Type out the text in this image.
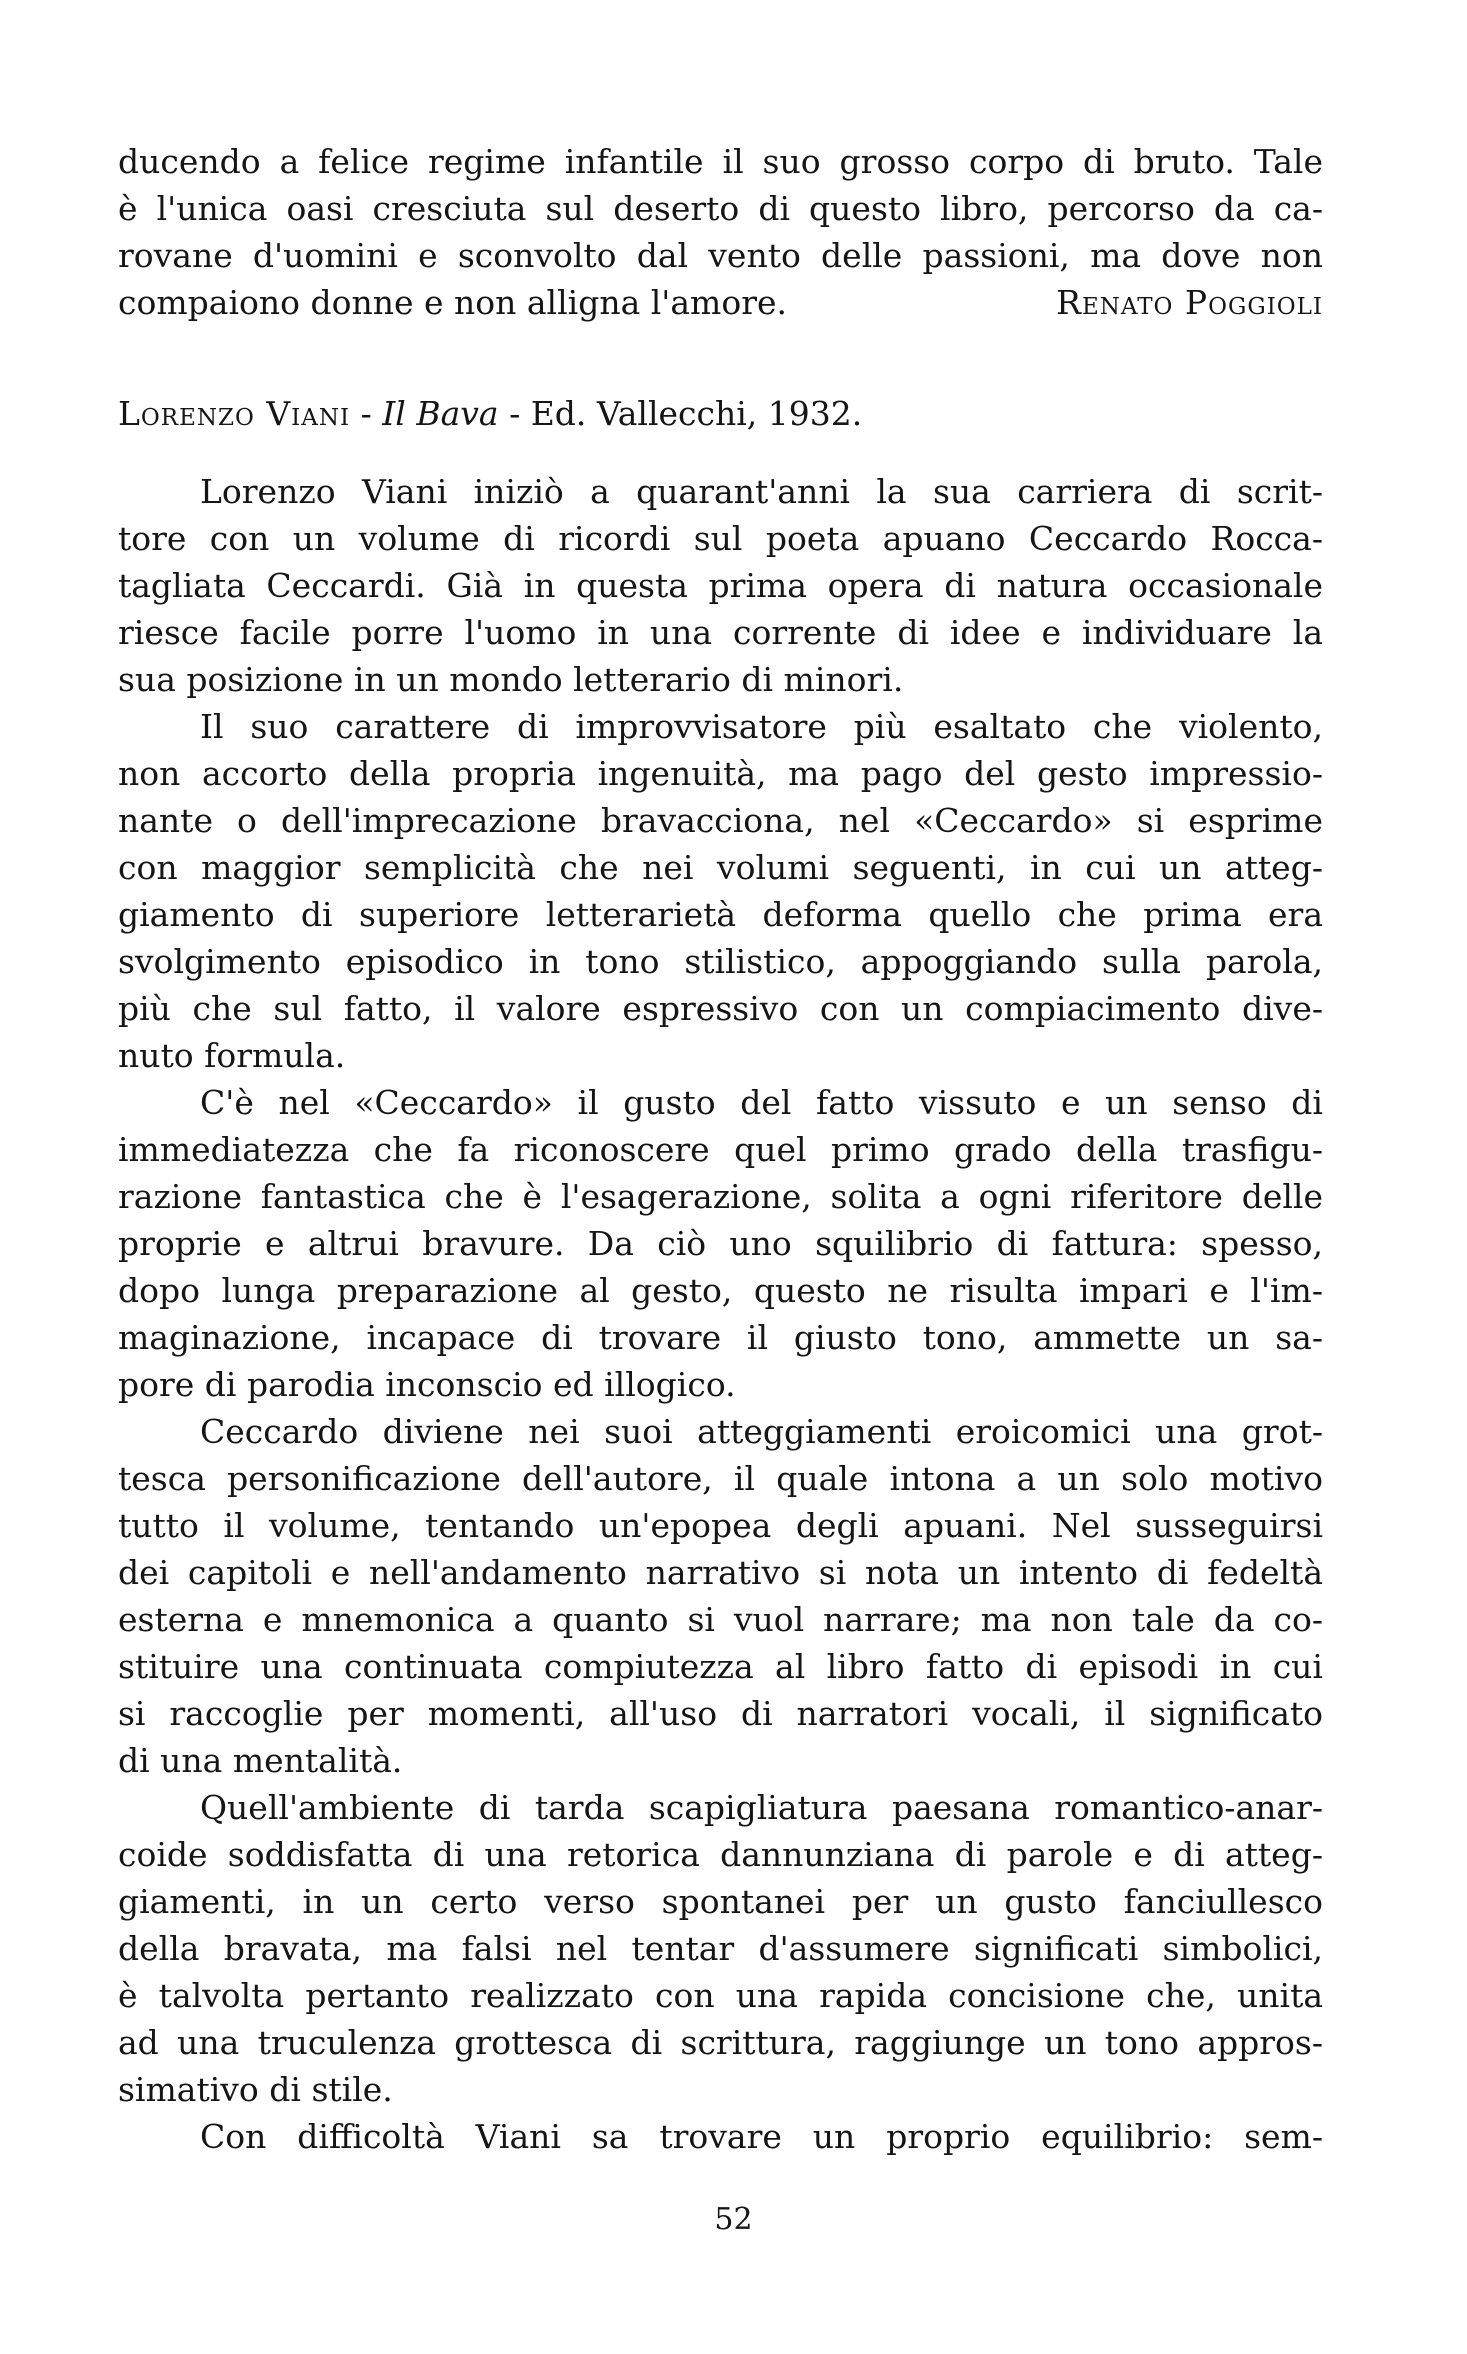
ducendo a felice regime infantile il suo grosso corpo di bruto. Tale
è l'unica oasi cresciuta sul deserto di questo libro, percorso da ca-
rovane d'uomini e sconvolto dal vento delle passioni, ma dove non
compaiono donne e non alligna l'amore.	Renato Poggioli
Lorenzo Viani - Il Bava - Ed. Vallecchi, 1932.
Lorenzo Viani iniziò a quarant'anni la sua carriera di scrit-
tore con un volume di ricordi sul poeta apuano Ceccardo Rocca-
tagliata Ceccardi. Già in questa prima opera di natura occasionale
riesce facile porre l'uomo in una corrente di idee e individuare la
sua posizione in un mondo letterario di minori.
Il suo carattere di improvvisatore più esaltato che violento,
non accorto della propria ingenuità, ma pago del gesto impressio-
nante o dell'imprecazione bravacciona, nel «Ceccardo» si esprime
con maggior semplicità che nei volumi seguenti, in cui un atteg-
giamento di superiore letterarietà deforma quello che prima era
svolgimento episodico in tono stilistico, appoggiando sulla parola,
più che sul fatto, il valore espressivo con un compiacimento dive-
nuto formula.
C'è nel «Ceccardo» il gusto del fatto vissuto e un senso di
immediatezza che fa riconoscere quel primo grado della trasfigu-
razione fantastica che è l'esagerazione, solita a ogni riferitore delle
proprie e altrui bravure. Da ciò uno squilibrio di fattura: spesso,
dopo lunga preparazione al gesto, questo ne risulta impari e l'im-
maginazione, incapace di trovare il giusto tono, ammette un sa-
pore di parodia inconscio ed illogico.
Ceccardo diviene nei suoi atteggiamenti eroicomici una grot-
tesca personificazione dell'autore, il quale intona a un solo motivo
tutto il volume, tentando un'epopea degli apuani. Nel susseguirsi
dei capitoli e nell'andamento narrativo si nota un intento di fedeltà
esterna e mnemonica a quanto si vuol narrare; ma non tale da co-
stituire una continuata compiutezza al libro fatto di episodi in cui
si raccoglie per momenti, all'uso di narratori vocali, il significato
di una mentalità.
Quell'ambiente di tarda scapigliatura paesana romantico-anar-
coide soddisfatta di una retorica dannunziana di parole e di atteg-
giamenti, in un certo verso spontanei per un gusto fanciullesco
della bravata, ma falsi nel tentar d'assumere significati simbolici,
è talvolta pertanto realizzato con una rapida concisione che, unita
ad una truculenza grottesca di scrittura, raggiunge un tono appros-
simativo di stile.
Con difficoltà Viani sa trovare un proprio equilibrio: sem-
52
